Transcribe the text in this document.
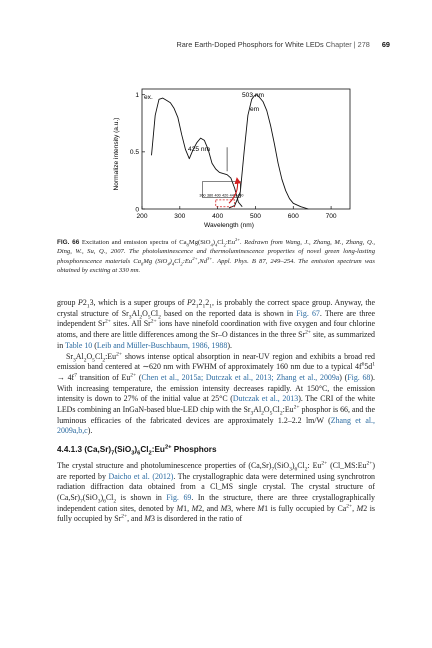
Rare Earth-Doped Phosphors for White LEDs Chapter | 278 69
Normalize intensity (a.u.)
Wavelength (nm)
ex.
em
503 nm
425 nm
200	300	400	500	600	700
0
0.5
1
360 380 400 420 440 460
FIG. 66 Excitation and emission spectra of $Ca_8Mg(SiO_4)_4Cl_2:Eu^{2+}$. Redrawn from Wang, J., Zhang, M., Zhang, Q., Ding, W., Su, Q., 2007. The photoluminescence and thermoluminescence properties of novel green long-lasting phosphorescence materials $Ca_8Mg$ $(SiO_4)_4Cl_2:Eu^{2+},Nd^{3+}$. Appl. Phys. B 87, 249–254. The emission spectrum was obtained by exciting at 330 nm.

group $P2_13$, which is a super groups of $P2_12_12_1$, is probably the correct space group. Anyway, the crystal structure of $Sr_3Al_2O_5Cl_2$ based on the reported data is shown in Fig. 67. There are three independent $Sr^{2+}$ sites. All $Sr^{2+}$ ions have ninefold coordination with five oxygen and four chlorine atoms, and there are little differences among the Sr–O distances in the three $Sr^{2+}$ site, as summarized in Table 10 (Leib and Müller-Buschbaum, 1986, 1988).

$Sr_3Al_2O_5Cl_2:Eu^{2+}$ shows intense optical absorption in near-UV region and exhibits a broad red emission band centered at ∼620 nm with FWHM of approximately 160 nm due to a typical $4f^65d^1 \to 4f^7$ transition of $Eu^{2+}$ (Chen et al., 2015a; Dutczak et al., 2013; Zhang et al., 2009a) (Fig. 68). With increasing temperature, the emission intensity decreases rapidly. At 150°C, the emission intensity is down to 27% of the initial value at 25°C (Dutczak et al., 2013). The CRI of the white LEDs combining an InGaN-based blue-LED chip with the $Sr_3Al_2O_5Cl_2:Eu^{2+}$ phosphor is 66, and the luminous efficacies of the fabricated devices are approximately 1.2–2.2 lm/W (Zhang et al., 2009a,b,c).

4.4.1.3 $(Ca,Sr)_7(SiO_3)_6Cl_2:Eu^{2+}$ Phosphors

The crystal structure and photoluminescence properties of $(Ca,Sr)_7(SiO_3)_6Cl_2$: $Eu^{2+}$ $(Cl\_MS:Eu^{2+})$ are reported by Daicho et al. (2012). The crystallographic data were determined using synchrotron radiation diffraction data obtained from a Cl_MS single crystal. The crystal structure of $(Ca,Sr)_7(SiO_3)_6Cl_2$ is shown in Fig. 69. In the structure, there are three crystallographically independent cation sites, denoted by M1, M2, and M3, where M1 is fully occupied by $Ca^{2+}$, M2 is fully occupied by $Sr^{2+}$, and M3 is disordered in the ratio of
